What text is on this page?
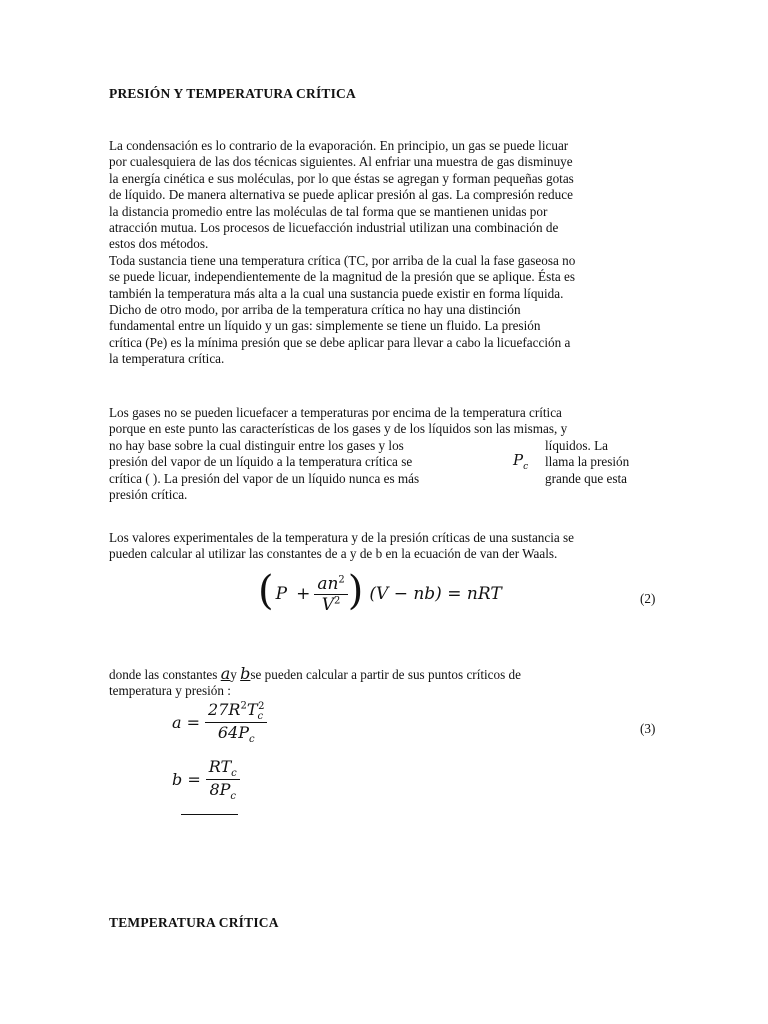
PRESIÓN Y TEMPERATURA CRÍTICA
La condensación es lo contrario de la evaporación. En principio, un gas se puede licuar
por cualesquiera de las dos técnicas siguientes. Al enfriar una muestra de gas disminuye
la energía cinética e sus moléculas, por lo que éstas se agregan y forman pequeñas gotas
de líquido. De manera alternativa se puede aplicar presión al gas. La compresión reduce
la distancia promedio entre las moléculas de tal forma que se mantienen unidas por
atracción mutua. Los procesos de licuefacción industrial utilizan una combinación de
estos dos métodos.
Toda sustancia tiene una temperatura crítica (TC, por arriba de la cual la fase gaseosa no
se puede licuar, independientemente de la magnitud de la presión que se aplique. Ésta es
también la temperatura más alta a la cual una sustancia puede existir en forma líquida.
Dicho de otro modo, por arriba de la temperatura crítica no hay una distinción
fundamental entre un líquido y un gas: simplemente se tiene un fluido. La presión
crítica (Pe) es la mínima presión que se debe aplicar para llevar a cabo la licuefacción a
la temperatura crítica.
Los gases no se pueden licuefacer a temperaturas por encima de la temperatura crítica
porque en este punto las características de los gases y de los líquidos son las mismas, y
no hay base sobre la cual distinguir entre los gases y los
presión del vapor de un líquido a la temperatura crítica se
crítica ( ). La presión del vapor de un líquido nunca es más
presión crítica.
líquidos. La
llama la presión
grande que esta
$P_c$
Los valores experimentales de la temperatura y de la presión críticas de una sustancia se
pueden calcular al utilizar las constantes de a y de b en la ecuación de van der Waals.
( $P + \frac{an^2}{V^2}$ ) (V − nb) = nRT	(2)
donde las constantes ay bse pueden calcular a partir de sus puntos críticos de
temperatura y presión :
$a = \frac{27R^2T_c^2}{64P_c}$	(3)
$b = \frac{RT_c}{8P_c}$
TEMPERATURA CRÍTICA
